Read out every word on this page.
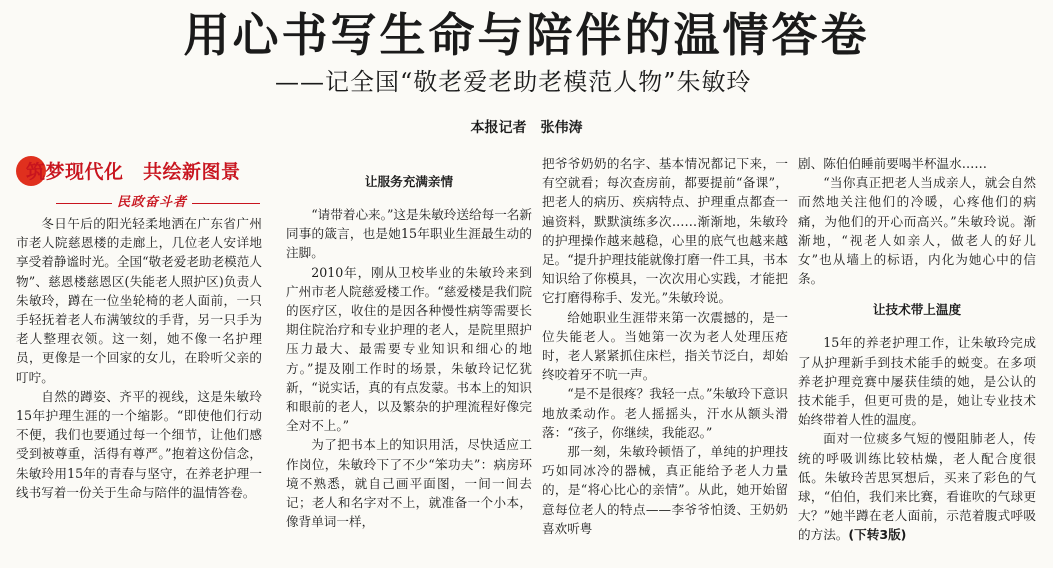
用心书写生命与陪伴的温情答卷
——记全国“敬老爱老助老模范人物”朱敏玲
本报记者　张伟涛
筑梦现代化　共绘新图景
民政奋斗者

冬日午后的阳光轻柔地洒在广东省广州市老人院慈恩楼的走廊上，几位老人安详地享受着静谧时光。全国“敬老爱老助老模范人物”、慈恩楼慈恩区(失能老人照护区)负责人朱敏玲，蹲在一位坐轮椅的老人面前，一只手轻抚着老人布满皱纹的手背，另一只手为老人整理衣领。这一刻，她不像一名护理员，更像是一个回家的女儿，在聆听父亲的叮咛。

自然的蹲姿、齐平的视线，这是朱敏玲15年护理生涯的一个缩影。“即使他们行动不便，我们也要通过每一个细节，让他们感受到被尊重，活得有尊严。”抱着这份信念，朱敏玲用15年的青春与坚守，在养老护理一线书写着一份关于生命与陪伴的温情答卷。

让服务充满亲情

“请带着心来。”这是朱敏玲送给每一名新同事的箴言，也是她15年职业生涯最生动的注脚。

2010年，刚从卫校毕业的朱敏玲来到广州市老人院慈爱楼工作。“慈爱楼是我们院的医疗区，收住的是因各种慢性病等需要长期住院治疗和专业护理的老人，是院里照护压力最大、最需要专业知识和细心的地方。”提及刚工作时的场景，朱敏玲记忆犹新，“说实话，真的有点发蒙。书本上的知识和眼前的老人，以及繁杂的护理流程好像完全对不上。”

为了把书本上的知识用活，尽快适应工作岗位，朱敏玲下了不少“笨功夫”：病房环境不熟悉，就自己画平面图，一间一间去记；老人和名字对不上，就准备一个小本，像背单词一样，

把爷爷奶奶的名字、基本情况都记下来，一有空就看；每次查房前，都要提前“备课”，把老人的病历、疾病特点、护理重点都查一遍资料，默默演练多次……渐渐地，朱敏玲的护理操作越来越稳，心里的底气也越来越足。“提升护理技能就像打磨一件工具，书本知识给了你模具，一次次用心实践，才能把它打磨得称手、发光。”朱敏玲说。

给她职业生涯带来第一次震撼的，是一位失能老人。当她第一次为老人处理压疮时，老人紧紧抓住床栏，指关节泛白，却始终咬着牙不吭一声。

“是不是很疼？我轻一点。”朱敏玲下意识地放柔动作。老人摇摇头，汗水从额头滑落：“孩子，你继续，我能忍。”

那一刻，朱敏玲顿悟了，单纯的护理技巧如同冰冷的器械，真正能给予老人力量的，是“将心比心的亲情”。从此，她开始留意每位老人的特点——李爷爷怕烫、王奶奶喜欢听粤

剧、陈伯伯睡前要喝半杯温水……

“当你真正把老人当成亲人，就会自然而然地关注他们的冷暖，心疼他们的病痛，为他们的开心而高兴。”朱敏玲说。渐渐地，“视老人如亲人，做老人的好儿女”也从墙上的标语，内化为她心中的信条。

让技术带上温度

15年的养老护理工作，让朱敏玲完成了从护理新手到技术能手的蜕变。在多项养老护理竞赛中屡获佳绩的她，是公认的技术能手，但更可贵的是，她让专业技术始终带着人性的温度。

面对一位痰多气短的慢阻肺老人，传统的呼吸训练比较枯燥，老人配合度很低。朱敏玲苦思冥想后，买来了彩色的气球，“伯伯，我们来比赛，看谁吹的气球更大？”她半蹲在老人面前，示范着腹式呼吸的方法。(下转3版)
